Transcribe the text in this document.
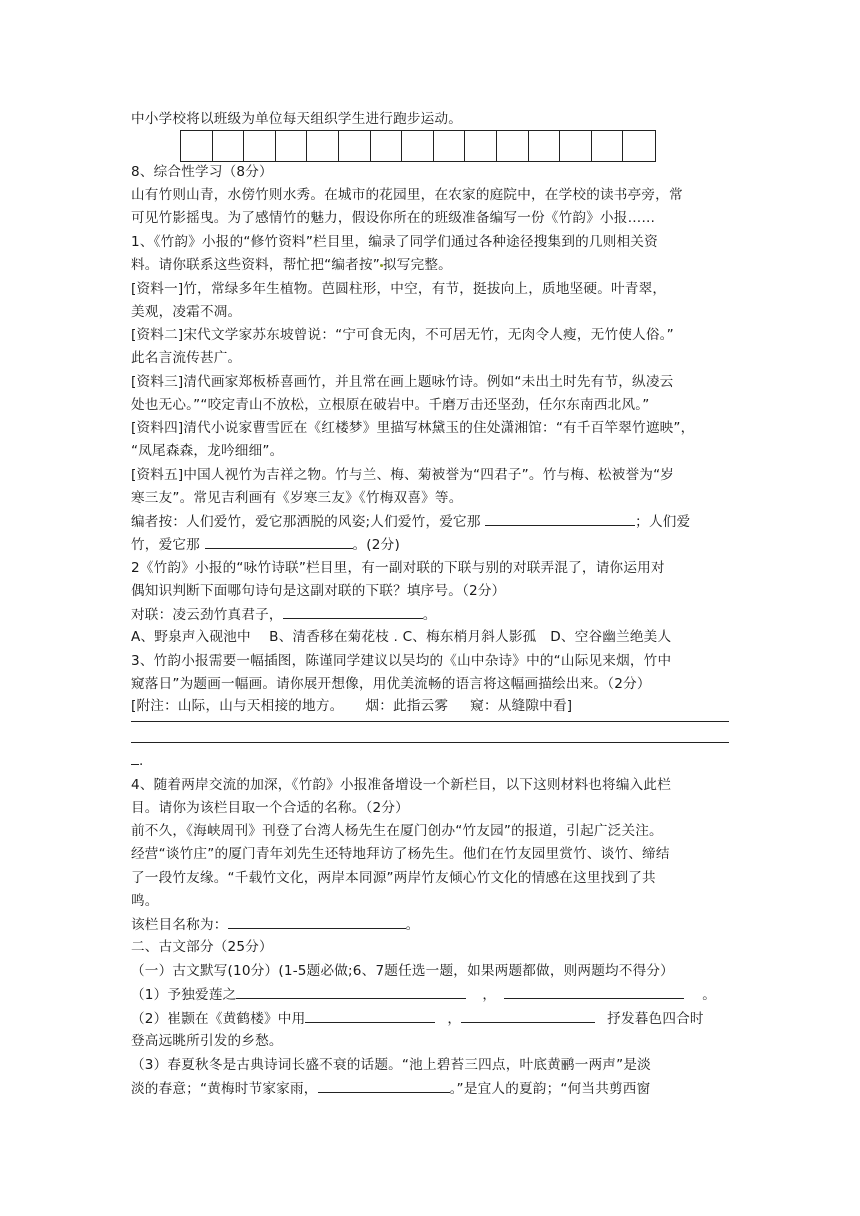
中小学校将以班级为单位每天组织学生进行跑步运动。
8、综合性学习（8分）
山有竹则山青，水傍竹则水秀。在城市的花园里，在农家的庭院中，在学校的读书亭旁，常
可见竹影摇曳。为了感情竹的魅力，假设你所在的班级准备编写一份《竹韵》小报……
1、《竹韵》小报的“修竹资料”栏目里，编录了同学们通过各种途径搜集到的几则相关资
料。请你联系这些资料，帮忙把“编者按” 拟写完整。
[资料一]竹，常绿多年生植物。芭圆柱形，中空，有节，挺拔向上，质地坚硬。叶青翠，
美观，凌霜不凋。
[资料二]宋代文学家苏东坡曾说：“宁可食无肉，不可居无竹，无肉令人瘦，无竹使人俗。”
此名言流传甚广。
[资料三]清代画家郑板桥喜画竹，并且常在画上题咏竹诗。例如“未出土时先有节，纵凌云
处也无心。”“咬定青山不放松，立根原在破岩中。千磨万击还坚劲，任尔东南西北风。”
[资料四]清代小说家曹雪匠在《红楼梦》里描写林黛玉的住处潇湘馆：“有千百竿翠竹遮映”，
“凤尾森森，龙吟细细”。
[资料五]中国人视竹为吉祥之物。竹与兰、梅、菊被誉为“四君子”。竹与梅、松被誉为“岁
寒三友”。常见吉利画有《岁寒三友》《竹梅双喜》等。
编者按：人们爱竹，爱它那洒脱的风姿;人们爱竹，爱它那	；人们爱
竹，爱它那	。(2分)
2《竹韵》小报的“咏竹诗联”栏目里，有一副对联的下联与别的对联弄混了，请你运用对
偶知识判断下面哪句诗句是这副对联的下联？填序号。（2分）
对联：凌云劲竹真君子，	。
A、野泉声入砚池中　 B、清香移在菊花枝 . C、梅东梢月斜人影孤　D、空谷幽兰绝美人
3、竹韵小报需要一幅插图，陈谨同学建议以吴均的《山中杂诗》中的“山际见来烟，竹中
窥落日”为题画一幅画。请你展开想像，用优美流畅的语言将这幅画描绘出来。（2分）
[附注：山际，山与天相接的地方。 烟：此指云雾 窥：从缝隙中看]
.
4、随着两岸交流的加深，《竹韵》小报准备增设一个新栏目，以下这则材料也将编入此栏
目。请你为该栏目取一个合适的名称。（2分）
前不久，《海峡周刊》刊登了台湾人杨先生在厦门创办“竹友园”的报道，引起广泛关注。
经营“谈竹庄”的厦门青年刘先生还特地拜访了杨先生。他们在竹友园里赏竹、谈竹、缔结
了一段竹友缘。“千载竹文化，两岸本同源”两岸竹友倾心竹文化的情感在这里找到了共
鸣。
该栏目名称为：	。
二、古文部分（25分）
（一）古文默写(10分）(1-5题必做;6、7题任选一题，如果两题都做，则两题均不得分）
（1）予独爱莲之	，	。
（2）崔颢在《黄鹤楼》中用	，	抒发暮色四合时
登高远眺所引发的乡愁。
（3）春夏秋冬是古典诗词长盛不衰的话题。“池上碧苔三四点，叶底黄鹂一两声”是淡
淡的春意；“黄梅时节家家雨，	。”是宜人的夏韵；“何当共剪西窗
